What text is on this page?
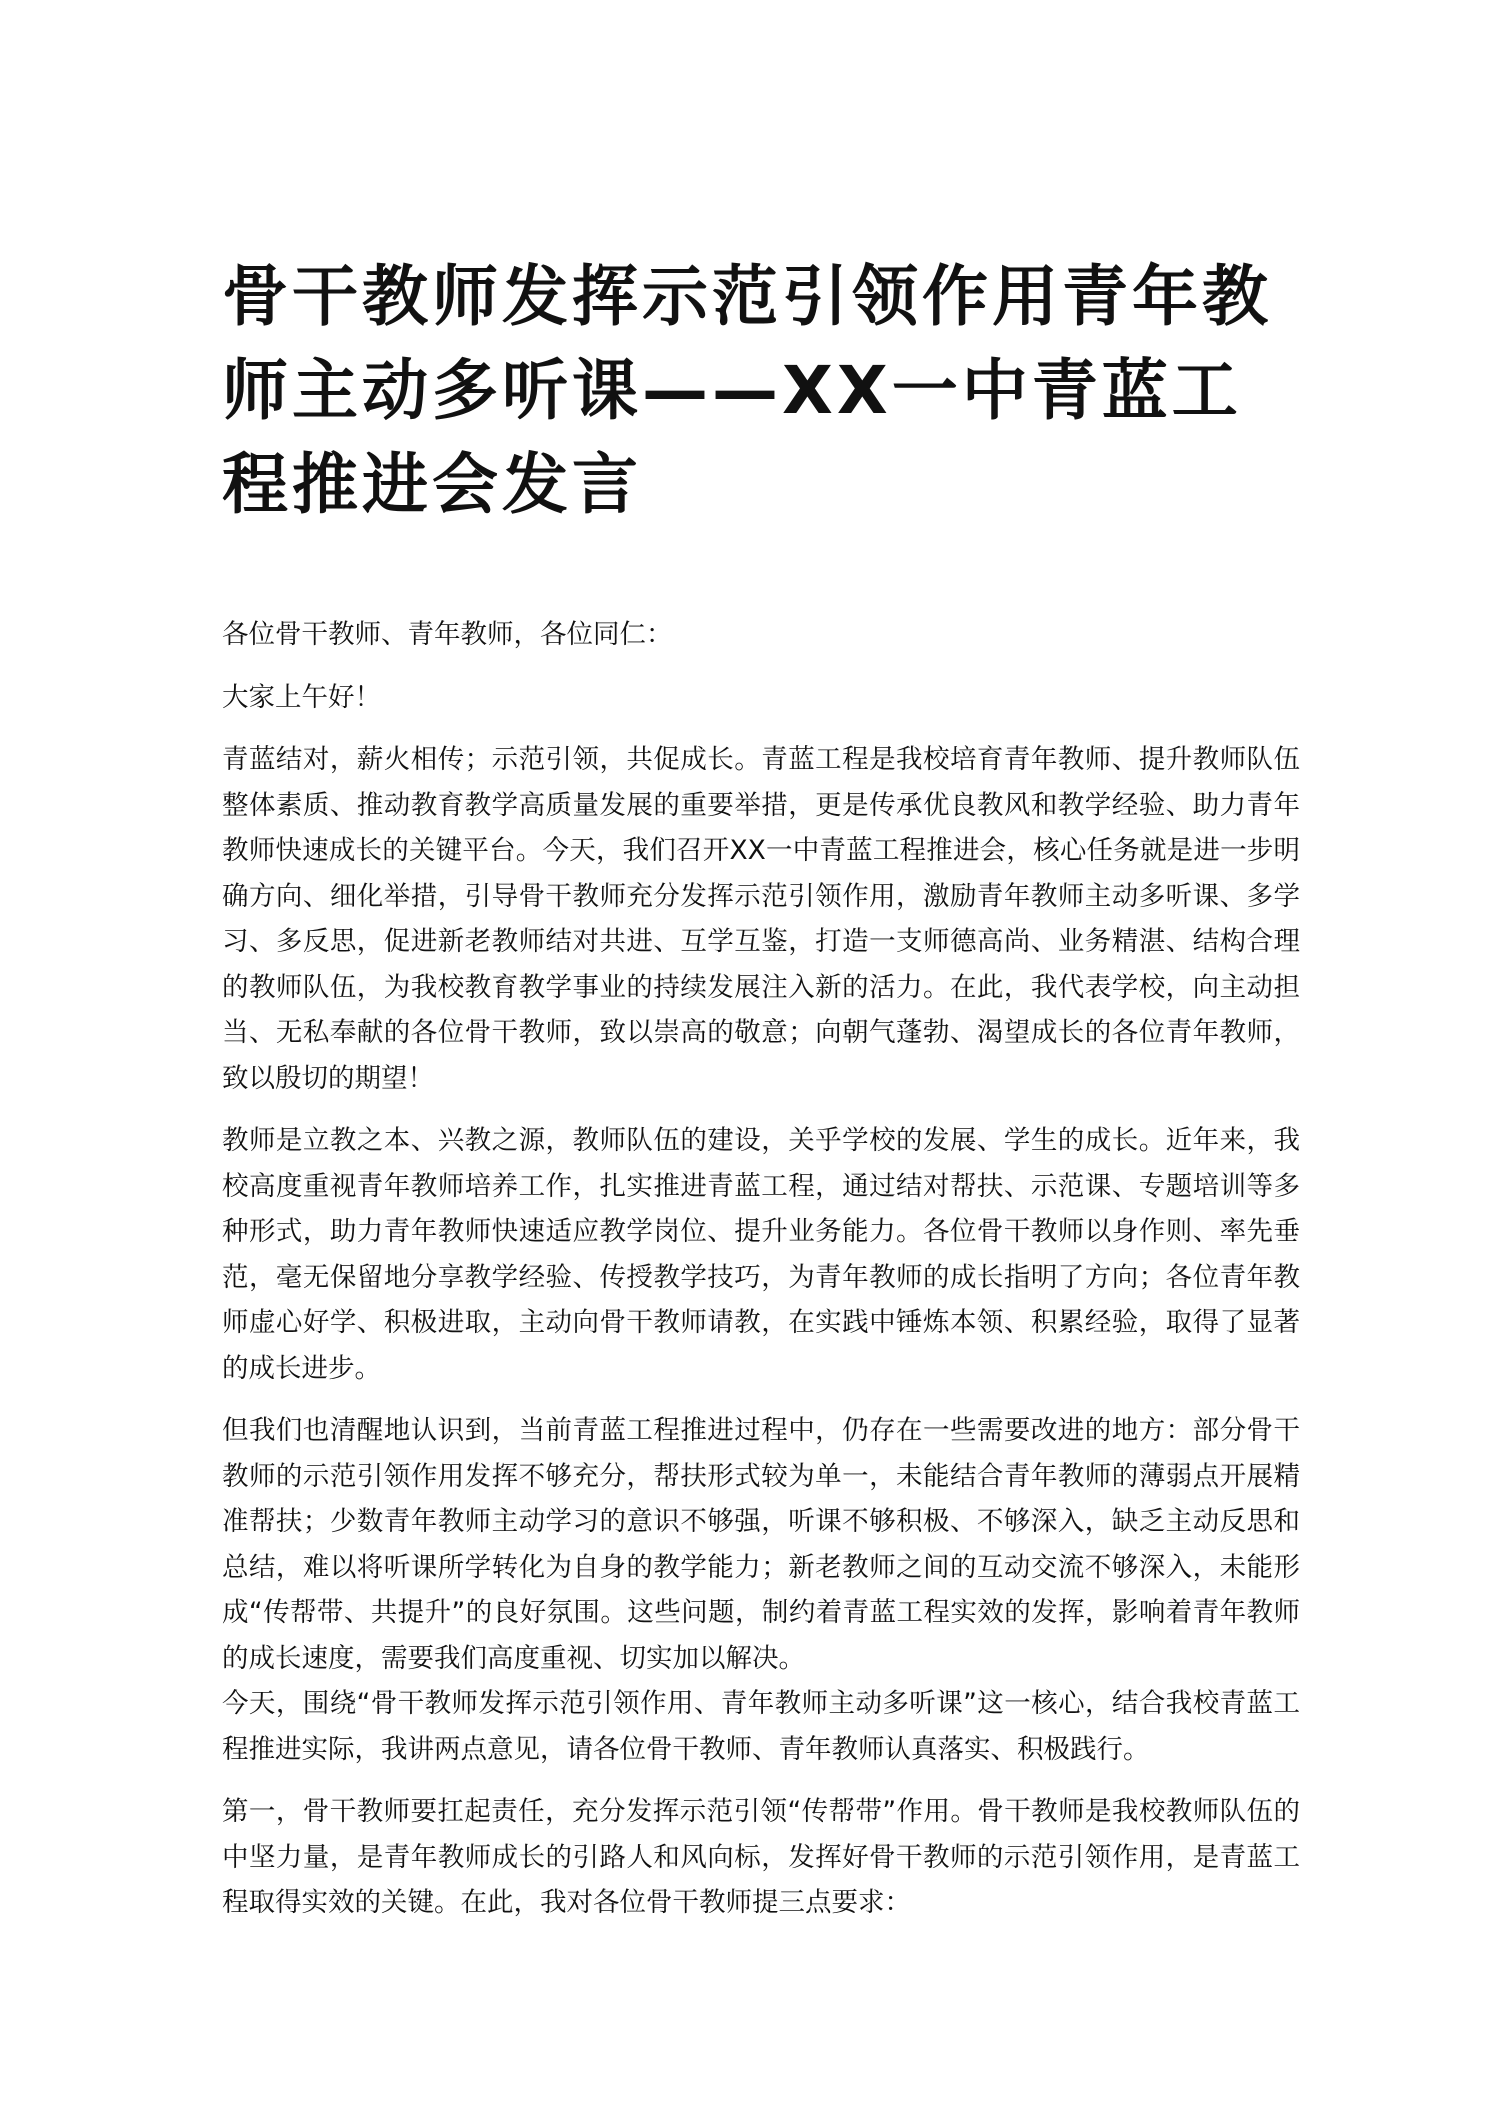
骨干教师发挥示范引领作用青年教师主动多听课——XX一中青蓝工程推进会发言

各位骨干教师、青年教师，各位同仁：

大家上午好！

青蓝结对，薪火相传；示范引领，共促成长。青蓝工程是我校培育青年教师、提升教师队伍整体素质、推动教育教学高质量发展的重要举措，更是传承优良教风和教学经验、助力青年教师快速成长的关键平台。今天，我们召开XX一中青蓝工程推进会，核心任务就是进一步明确方向、细化举措，引导骨干教师充分发挥示范引领作用，激励青年教师主动多听课、多学习、多反思，促进新老教师结对共进、互学互鉴，打造一支师德高尚、业务精湛、结构合理的教师队伍，为我校教育教学事业的持续发展注入新的活力。在此，我代表学校，向主动担当、无私奉献的各位骨干教师，致以崇高的敬意；向朝气蓬勃、渴望成长的各位青年教师，致以殷切的期望！

教师是立教之本、兴教之源，教师队伍的建设，关乎学校的发展、学生的成长。近年来，我校高度重视青年教师培养工作，扎实推进青蓝工程，通过结对帮扶、示范课、专题培训等多种形式，助力青年教师快速适应教学岗位、提升业务能力。各位骨干教师以身作则、率先垂范，毫无保留地分享教学经验、传授教学技巧，为青年教师的成长指明了方向；各位青年教师虚心好学、积极进取，主动向骨干教师请教，在实践中锤炼本领、积累经验，取得了显著的成长进步。

但我们也清醒地认识到，当前青蓝工程推进过程中，仍存在一些需要改进的地方：部分骨干教师的示范引领作用发挥不够充分，帮扶形式较为单一，未能结合青年教师的薄弱点开展精准帮扶；少数青年教师主动学习的意识不够强，听课不够积极、不够深入，缺乏主动反思和总结，难以将听课所学转化为自身的教学能力；新老教师之间的互动交流不够深入，未能形成“传帮带、共提升”的良好氛围。这些问题，制约着青蓝工程实效的发挥，影响着青年教师的成长速度，需要我们高度重视、切实加以解决。

今天，围绕“骨干教师发挥示范引领作用、青年教师主动多听课”这一核心，结合我校青蓝工程推进实际，我讲两点意见，请各位骨干教师、青年教师认真落实、积极践行。

第一，骨干教师要扛起责任，充分发挥示范引领“传帮带”作用。骨干教师是我校教师队伍的中坚力量，是青年教师成长的引路人和风向标，发挥好骨干教师的示范引领作用，是青蓝工程取得实效的关键。在此，我对各位骨干教师提三点要求：
